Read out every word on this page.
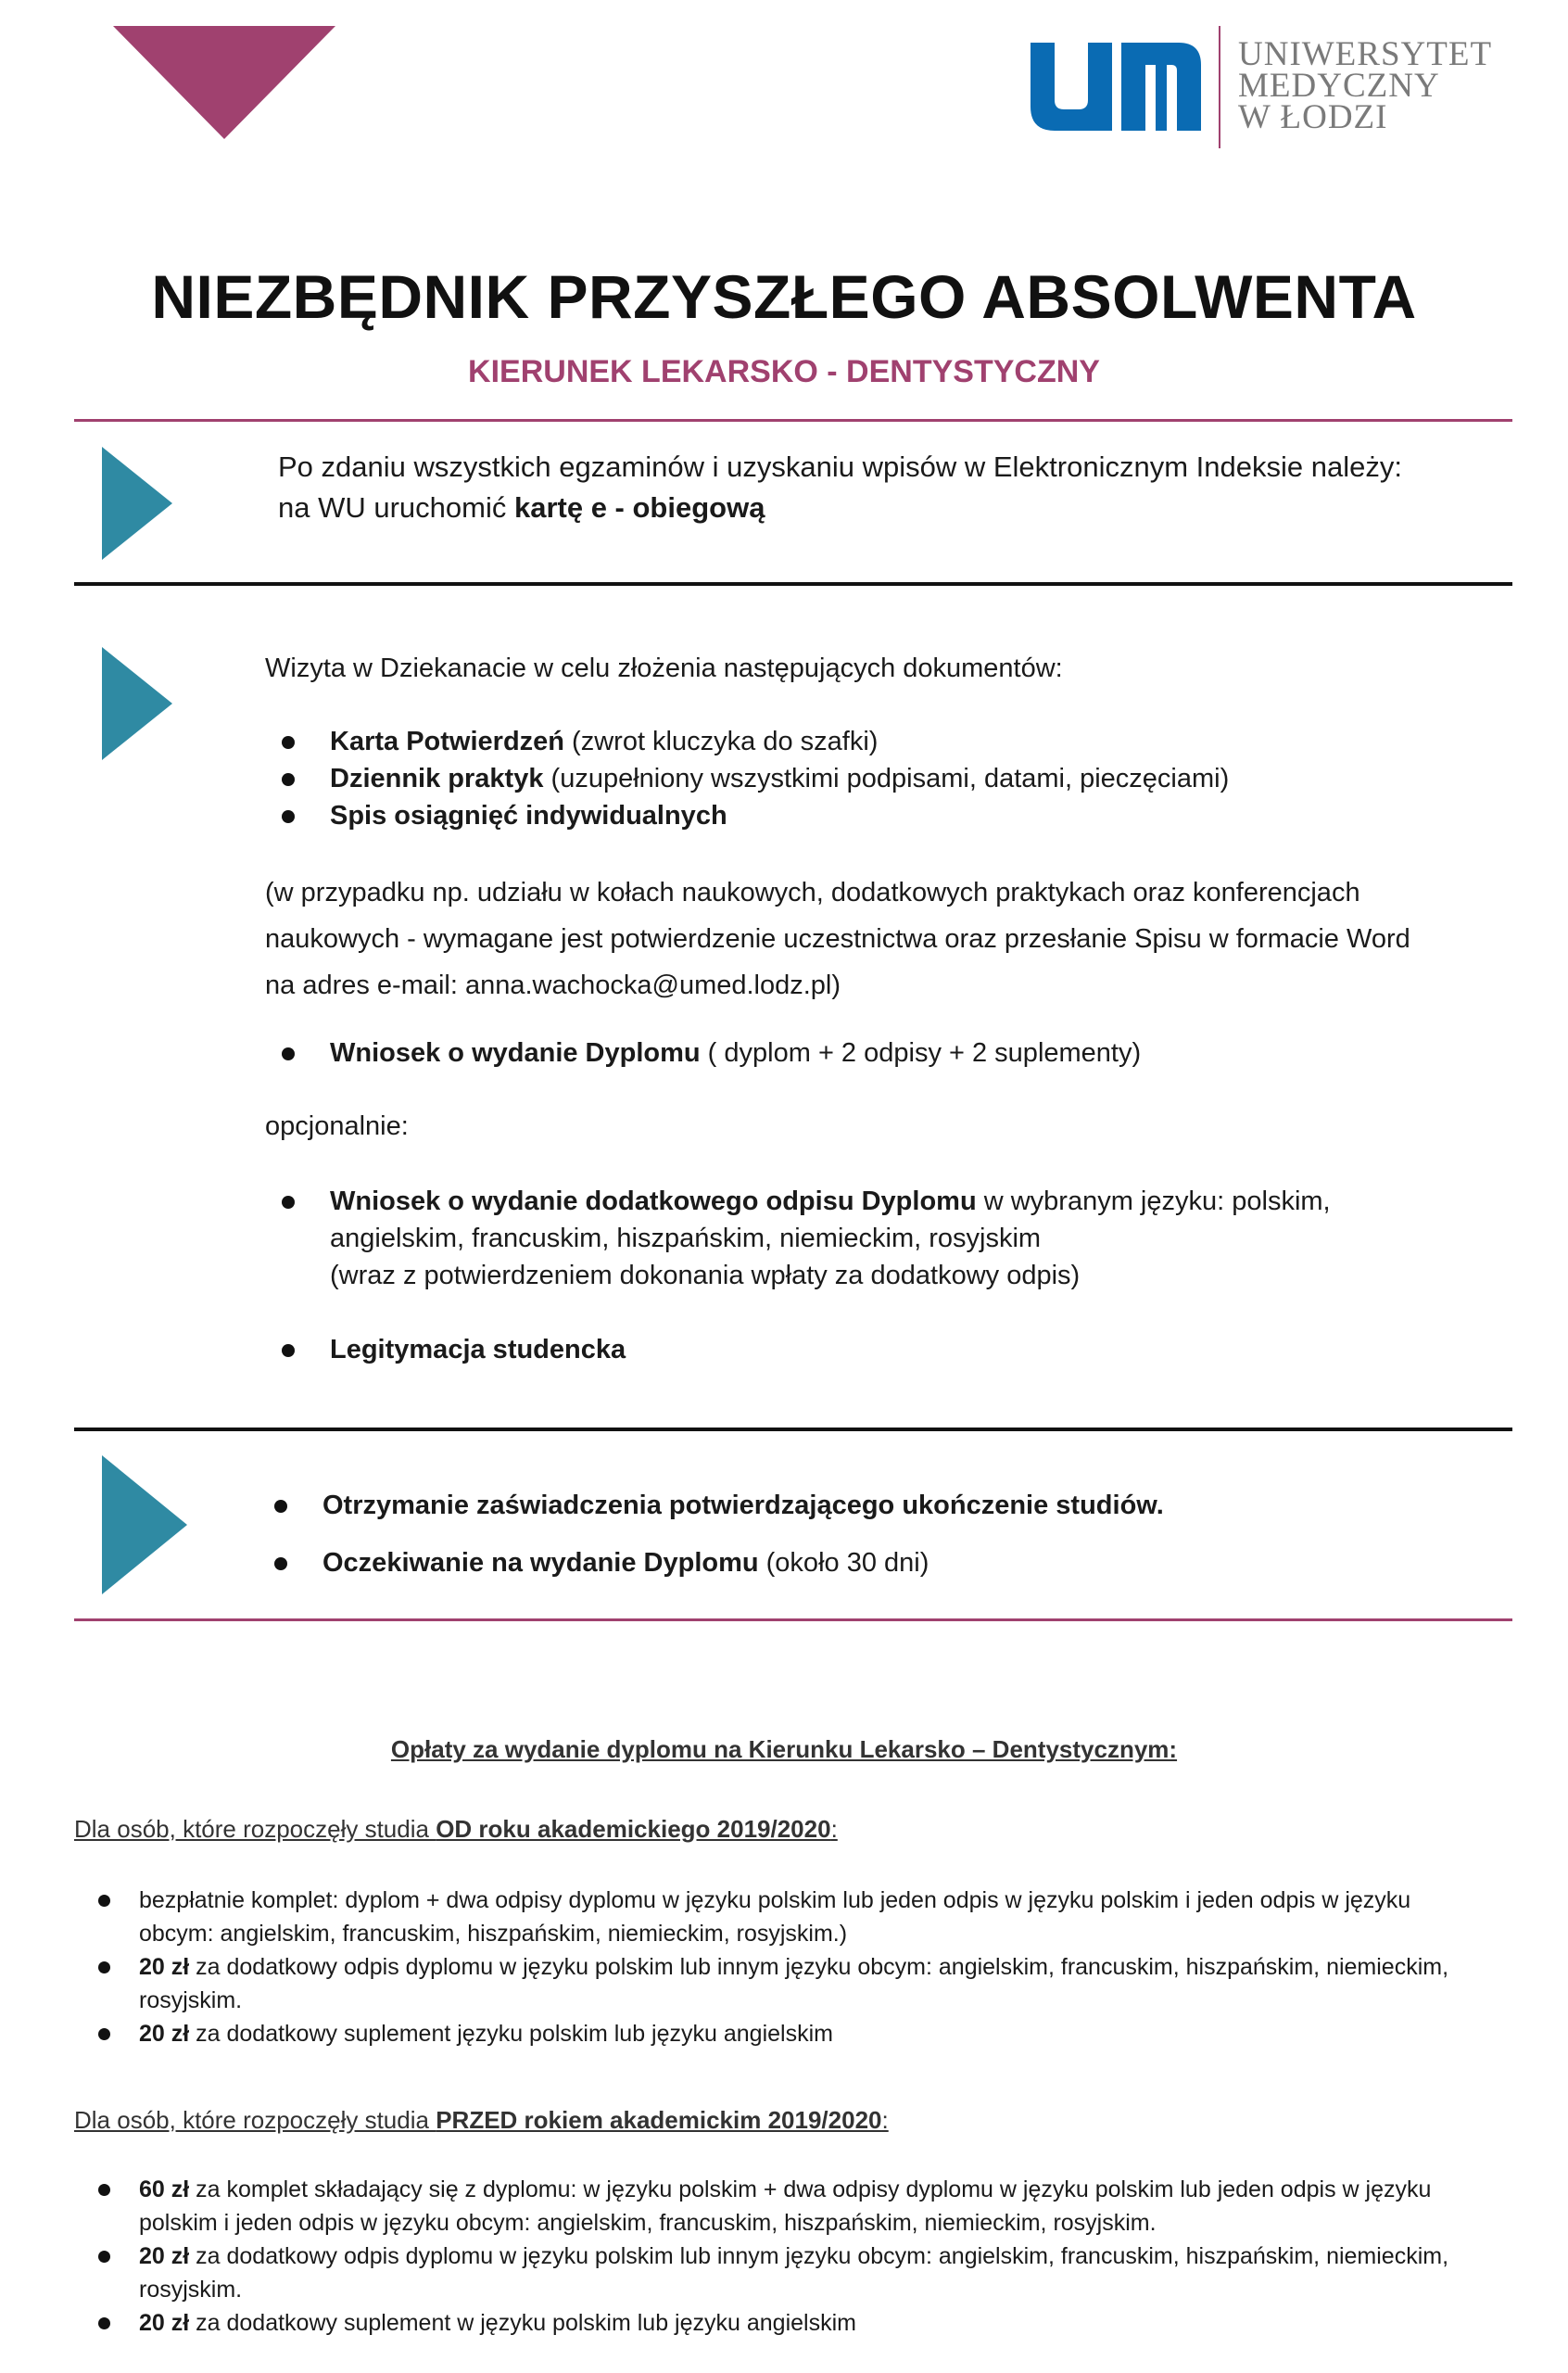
UNIWERSYTET
MEDYCZNY
W ŁODZI
NIEZBĘDNIK PRZYSZŁEGO ABSOLWENTA
KIERUNEK LEKARSKO - DENTYSTYCZNY
Po zdaniu wszystkich egzaminów i uzyskaniu wpisów w Elektronicznym Indeksie należy:
na WU uruchomić kartę e - obiegową
Wizyta w Dziekanacie w celu złożenia następujących dokumentów:
Karta Potwierdzeń (zwrot kluczyka do szafki)
Dziennik praktyk (uzupełniony wszystkimi podpisami, datami, pieczęciami)
Spis osiągnięć indywidualnych
(w przypadku np. udziału w kołach naukowych, dodatkowych praktykach oraz konferencjach
naukowych - wymagane jest potwierdzenie uczestnictwa oraz przesłanie Spisu w formacie Word
na adres e-mail: anna.wachocka@umed.lodz.pl)
Wniosek o wydanie Dyplomu ( dyplom + 2 odpisy + 2 suplementy)
opcjonalnie:
Wniosek o wydanie dodatkowego odpisu Dyplomu w wybranym języku: polskim,
angielskim, francuskim, hiszpańskim, niemieckim, rosyjskim
(wraz z potwierdzeniem dokonania wpłaty za dodatkowy odpis)
Legitymacja studencka
Otrzymanie zaświadczenia potwierdzającego ukończenie studiów.
Oczekiwanie na wydanie Dyplomu (około 30 dni)
Opłaty za wydanie dyplomu na Kierunku Lekarsko – Dentystycznym:
Dla osób, które rozpoczęły studia OD roku akademickiego 2019/2020:
bezpłatnie komplet: dyplom + dwa odpisy dyplomu w języku polskim lub jeden odpis w języku polskim i jeden odpis w języku obcym: angielskim, francuskim, hiszpańskim, niemieckim, rosyjskim.)
20 zł za dodatkowy odpis dyplomu w języku polskim lub innym języku obcym: angielskim, francuskim, hiszpańskim, niemieckim, rosyjskim.
20 zł za dodatkowy suplement języku polskim lub języku angielskim
Dla osób, które rozpoczęły studia PRZED rokiem akademickim 2019/2020:
60 zł za komplet składający się z dyplomu: w języku polskim + dwa odpisy dyplomu w języku polskim lub jeden odpis w języku polskim i jeden odpis w języku obcym: angielskim, francuskim, hiszpańskim, niemieckim, rosyjskim.
20 zł za dodatkowy odpis dyplomu w języku polskim lub innym języku obcym: angielskim, francuskim, hiszpańskim, niemieckim, rosyjskim.
20 zł za dodatkowy suplement w języku polskim lub języku angielskim
